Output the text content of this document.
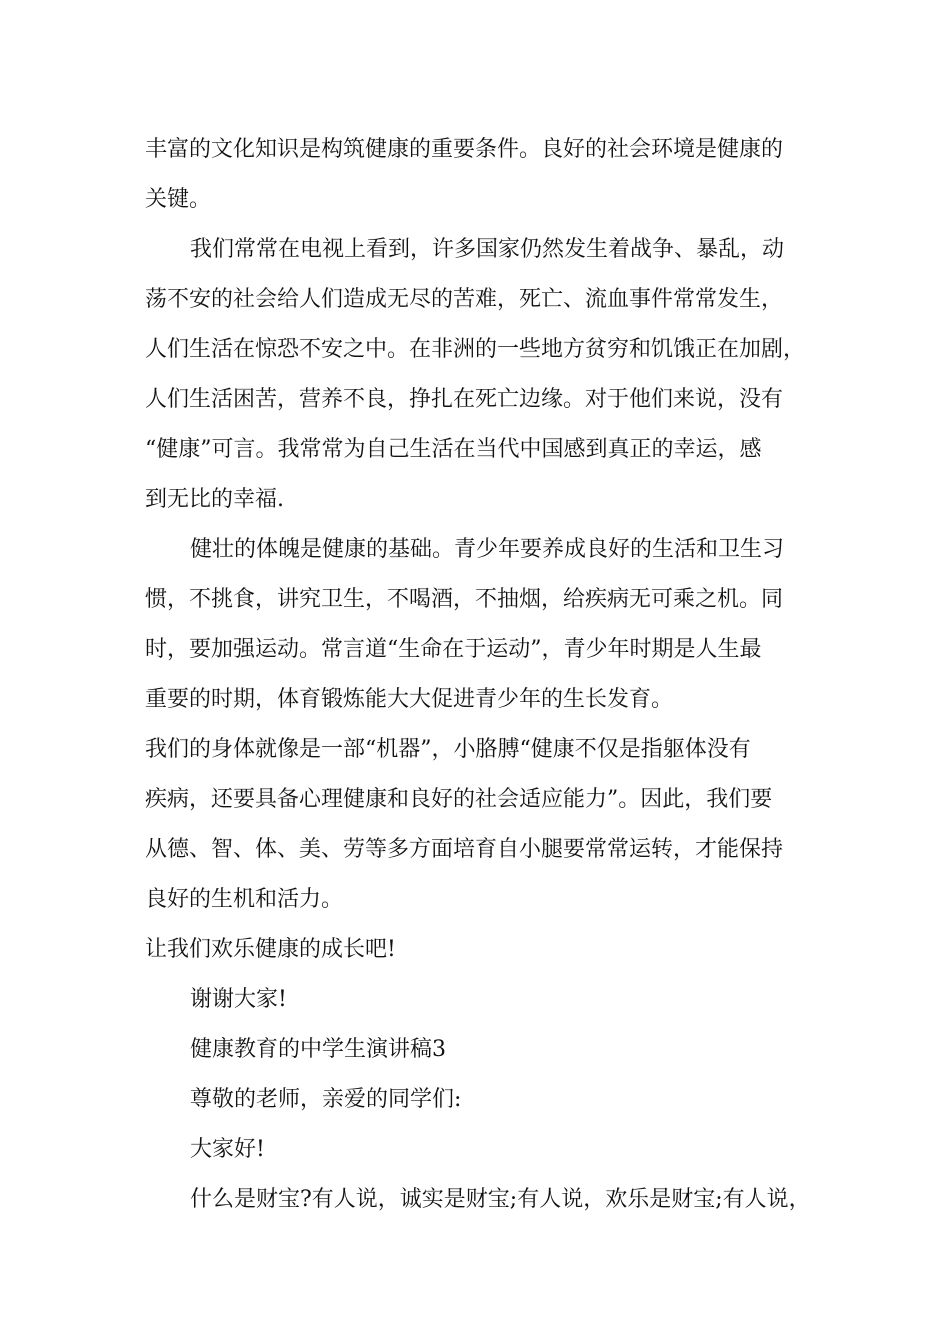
丰富的文化知识是构筑健康的重要条件。良好的社会环境是健康的
关键。
我们常常在电视上看到，许多国家仍然发生着战争、暴乱，动
荡不安的社会给人们造成无尽的苦难，死亡、流血事件常常发生，
人们生活在惊恐不安之中。在非洲的一些地方贫穷和饥饿正在加剧，
人们生活困苦，营养不良，挣扎在死亡边缘。对于他们来说，没有
“健康”可言。我常常为自己生活在当代中国感到真正的幸运，感
到无比的幸福.
健壮的体魄是健康的基础。青少年要养成良好的生活和卫生习
惯，不挑食，讲究卫生，不喝酒，不抽烟，给疾病无可乘之机。同
时，要加强运动。常言道“生命在于运动”，青少年时期是人生最
重要的时期，体育锻炼能大大促进青少年的生长发育。
我们的身体就像是一部“机器”，小胳膊“健康不仅是指躯体没有
疾病，还要具备心理健康和良好的社会适应能力”。因此，我们要
从德、智、体、美、劳等多方面培育自小腿要常常运转，才能保持
良好的生机和活力。
让我们欢乐健康的成长吧!
谢谢大家!
健康教育的中学生演讲稿3
尊敬的老师，亲爱的同学们:
大家好!
什么是财宝?有人说，诚实是财宝;有人说，欢乐是财宝;有人说，
